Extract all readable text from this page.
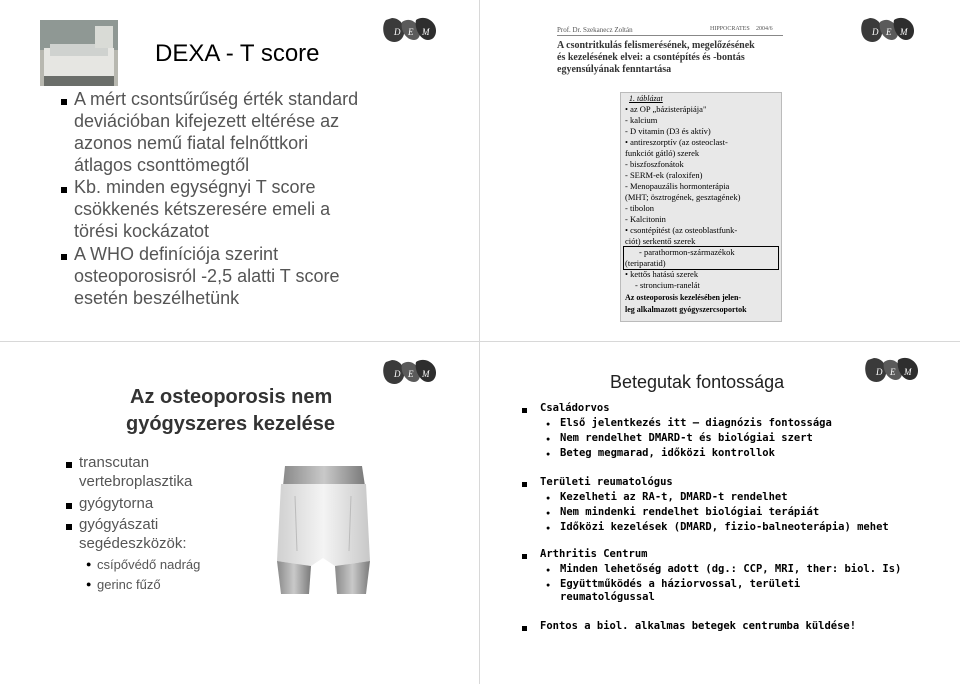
D E M
DEXA - T score
A mért csontsűrűség érték standard
deviációban kifejezett eltérése az
azonos nemű fiatal felnőttkori
átlagos csonttömegtől
Kb. minden egységnyi T score
csökkenés kétszeresére emeli a
törési kockázatot
A WHO definíciója szerint
osteoporosisról -2,5 alatti T score
esetén beszélhetünk
D E M
Prof. Dr. Szekanecz Zoltán	HIPPOCRATES 2004/6
A csontritkulás felismerésének, megelőzésének
és kezelésének elvei: a csontépítés és -bontás
egyensúlyának fenntartása
1. táblázat
• az OP „bázisterápiája"
- kalcium
- D vitamin (D3 és aktív)
• antireszorptív (az osteoclast-
funkciót gátló) szerek
- biszfoszfonátok
- SERM-ek (raloxifen)
- Menopauzális hormonterápia
(MHT; ösztrogének, gesztagének)
- tibolon
- Kalcitonin
• csontépítést (az osteoblastfunk-
ciót) serkentő szerek
- parathormon-származékok
(teriparatid)
• kettős hatású szerek
- stroncium-ranelát
Az osteoporosis kezelésében jelen-
leg alkalmazott gyógyszercsoportok
D E M
Az osteoporosis nem
gyógyszeres kezelése
transcutan
vertebroplasztika
gyógytorna
gyógyászati
segédeszközök:
● csípővédő nadrág
● gerinc fűző
D E M
Betegutak fontossága
Családorvos
● Első jelentkezés itt – diagnózis fontossága
● Nem rendelhet DMARD-t és biológiai szert
● Beteg megmarad, időközi kontrollok
Területi reumatológus
● Kezelheti az RA-t, DMARD-t rendelhet
● Nem mindenki rendelhet biológiai terápiát
● Időközi kezelések (DMARD, fizio-balneoterápia) mehet
Arthritis Centrum
● Minden lehetőség adott (dg.: CCP, MRI, ther: biol. Is)
● Együttműködés a háziorvossal, területi
reumatológussal
Fontos a biol. alkalmas betegek centrumba küldése!
